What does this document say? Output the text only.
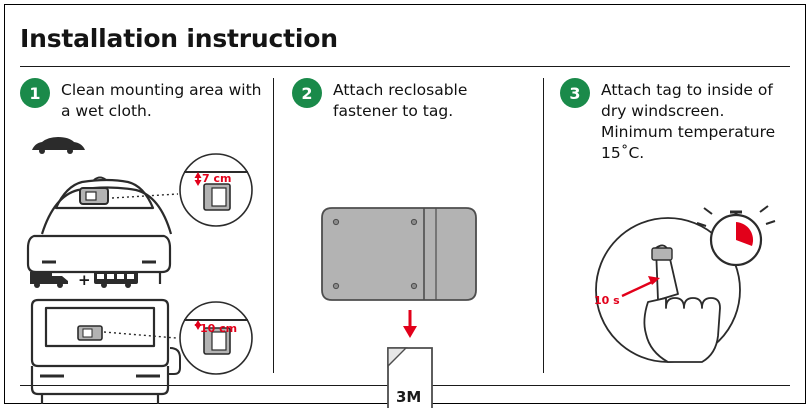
Installation instruction
1	Clean mounting area with a wet cloth.
7 cm
+
10 cm
2	Attach reclosable fastener to tag.
3M
3	Attach tag to inside of dry windscreen. Minimum temperature 15˚C.
10 s
